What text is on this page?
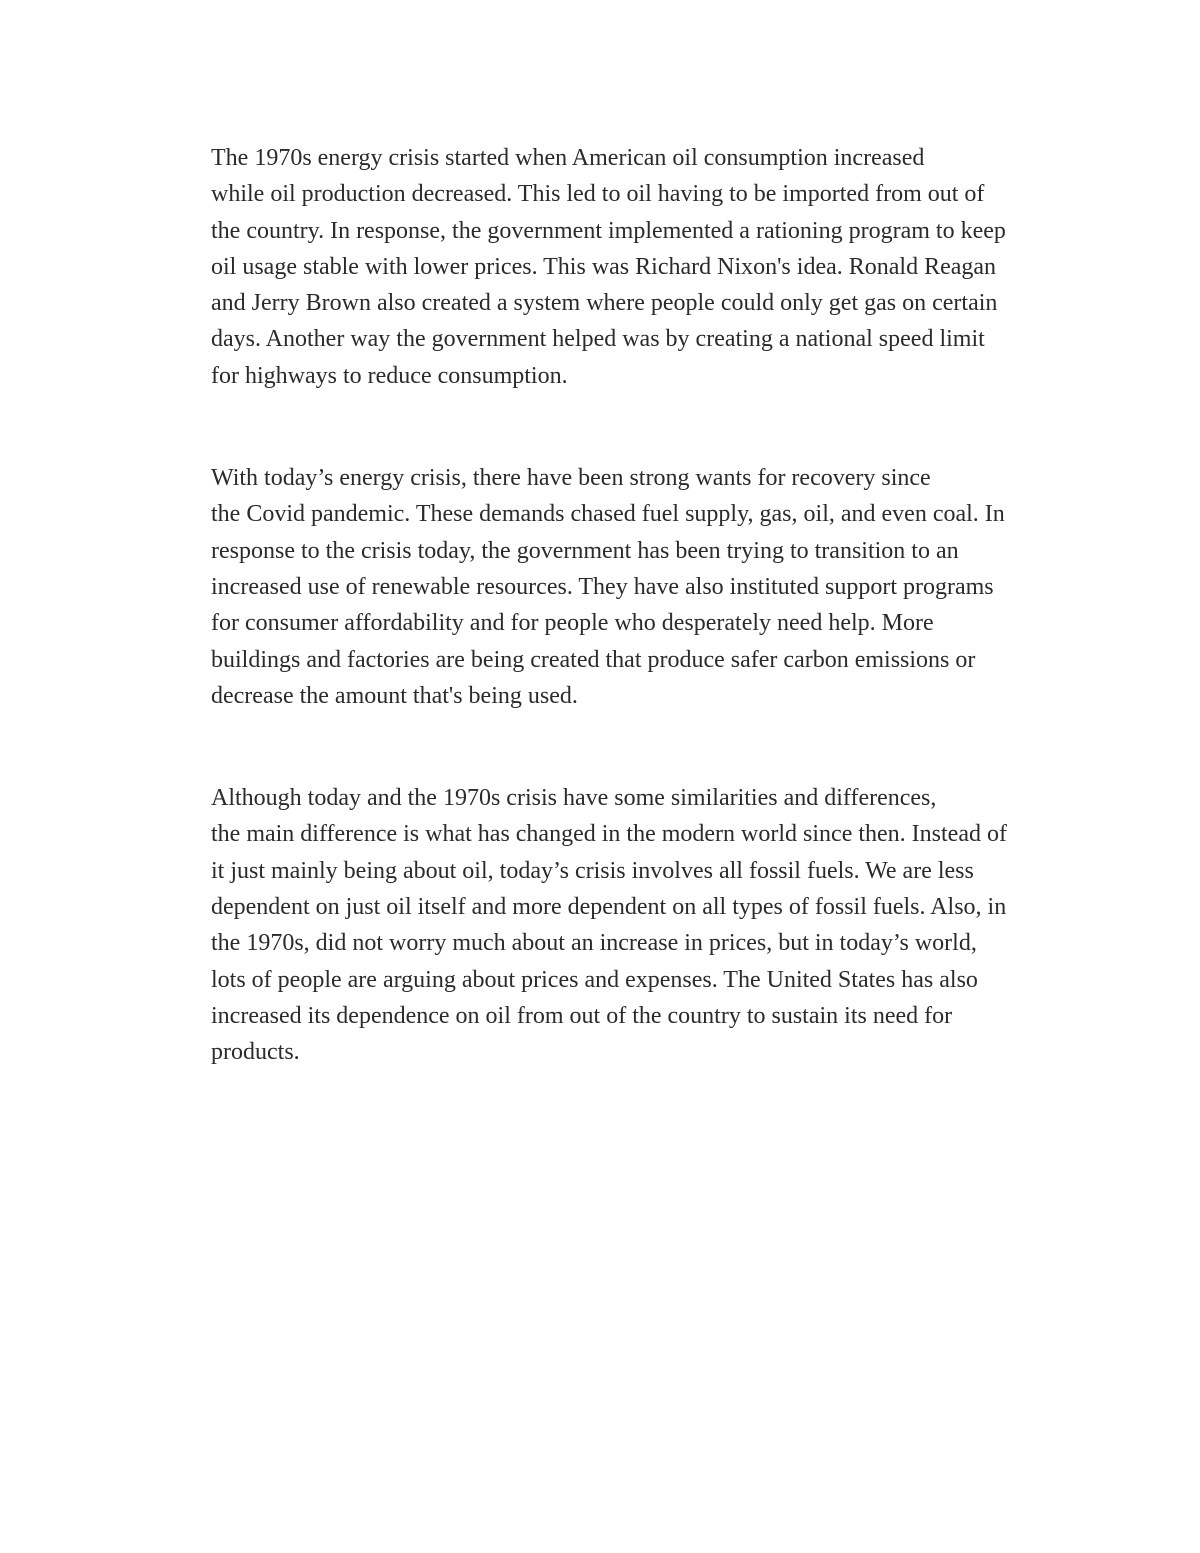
The 1970s energy crisis started when American oil consumption increased
while oil production decreased. This led to oil having to be imported from out of
the country. In response, the government implemented a rationing program to keep
oil usage stable with lower prices. This was Richard Nixon's idea. Ronald Reagan
and Jerry Brown also created a system where people could only get gas on certain
days. Another way the government helped was by creating a national speed limit
for highways to reduce consumption.

With today’s energy crisis, there have been strong wants for recovery since
the Covid pandemic. These demands chased fuel supply, gas, oil, and even coal. In
response to the crisis today, the government has been trying to transition to an
increased use of renewable resources. They have also instituted support programs
for consumer affordability and for people who desperately need help. More
buildings and factories are being created that produce safer carbon emissions or
decrease the amount that's being used.

Although today and the 1970s crisis have some similarities and differences,
the main difference is what has changed in the modern world since then. Instead of
it just mainly being about oil, today’s crisis involves all fossil fuels. We are less
dependent on just oil itself and more dependent on all types of fossil fuels. Also, in
the 1970s, did not worry much about an increase in prices, but in today’s world,
lots of people are arguing about prices and expenses. The United States has also
increased its dependence on oil from out of the country to sustain its need for
products.
